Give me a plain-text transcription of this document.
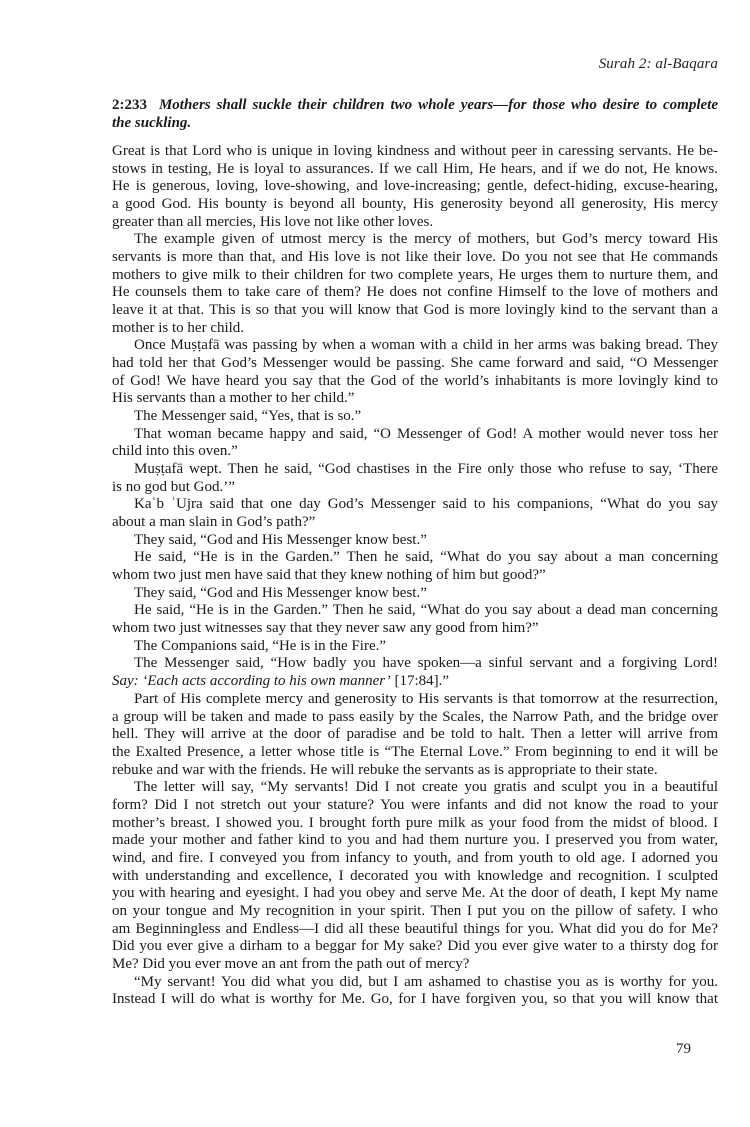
Surah 2: al-Baqara
2:233 Mothers shall suckle their children two whole years—for those who desire to complete
the suckling.
Great is that Lord who is unique in loving kindness and without peer in caressing servants. He be-
stows in testing, He is loyal to assurances. If we call Him, He hears, and if we do not, He knows.
He is generous, loving, love-showing, and love-increasing; gentle, defect-hiding, excuse-hearing,
a good God. His bounty is beyond all bounty, His generosity beyond all generosity, His mercy
greater than all mercies, His love not like other loves.
The example given of utmost mercy is the mercy of mothers, but God’s mercy toward His
servants is more than that, and His love is not like their love. Do you not see that He commands
mothers to give milk to their children for two complete years, He urges them to nurture them, and
He counsels them to take care of them? He does not confine Himself to the love of mothers and
leave it at that. This is so that you will know that God is more lovingly kind to the servant than a
mother is to her child.
Once Muṣṭafā was passing by when a woman with a child in her arms was baking bread. They
had told her that God’s Messenger would be passing. She came forward and said, “O Messenger
of God! We have heard you say that the God of the world’s inhabitants is more lovingly kind to
His servants than a mother to her child.”
The Messenger said, “Yes, that is so.”
That woman became happy and said, “O Messenger of God! A mother would never toss her
child into this oven.”
Muṣṭafā wept. Then he said, “God chastises in the Fire only those who refuse to say, ‘There
is no god but God.’”
Kaʿb ʿUjra said that one day God’s Messenger said to his companions, “What do you say
about a man slain in God’s path?”
They said, “God and His Messenger know best.”
He said, “He is in the Garden.” Then he said, “What do you say about a man concerning
whom two just men have said that they knew nothing of him but good?”
They said, “God and His Messenger know best.”
He said, “He is in the Garden.” Then he said, “What do you say about a dead man concerning
whom two just witnesses say that they never saw any good from him?”
The Companions said, “He is in the Fire.”
The Messenger said, “How badly you have spoken—a sinful servant and a forgiving Lord!
Say: ‘Each acts according to his own manner’ [17:84].”
Part of His complete mercy and generosity to His servants is that tomorrow at the resurrection,
a group will be taken and made to pass easily by the Scales, the Narrow Path, and the bridge over
hell. They will arrive at the door of paradise and be told to halt. Then a letter will arrive from
the Exalted Presence, a letter whose title is “The Eternal Love.” From beginning to end it will be
rebuke and war with the friends. He will rebuke the servants as is appropriate to their state.
The letter will say, “My servants! Did I not create you gratis and sculpt you in a beautiful
form? Did I not stretch out your stature? You were infants and did not know the road to your
mother’s breast. I showed you. I brought forth pure milk as your food from the midst of blood. I
made your mother and father kind to you and had them nurture you. I preserved you from water,
wind, and fire. I conveyed you from infancy to youth, and from youth to old age. I adorned you
with understanding and excellence, I decorated you with knowledge and recognition. I sculpted
you with hearing and eyesight. I had you obey and serve Me. At the door of death, I kept My name
on your tongue and My recognition in your spirit. Then I put you on the pillow of safety. I who
am Beginningless and Endless—I did all these beautiful things for you. What did you do for Me?
Did you ever give a dirham to a beggar for My sake? Did you ever give water to a thirsty dog for
Me? Did you ever move an ant from the path out of mercy?
“My servant! You did what you did, but I am ashamed to chastise you as is worthy for you.
Instead I will do what is worthy for Me. Go, for I have forgiven you, so that you will know that
79
